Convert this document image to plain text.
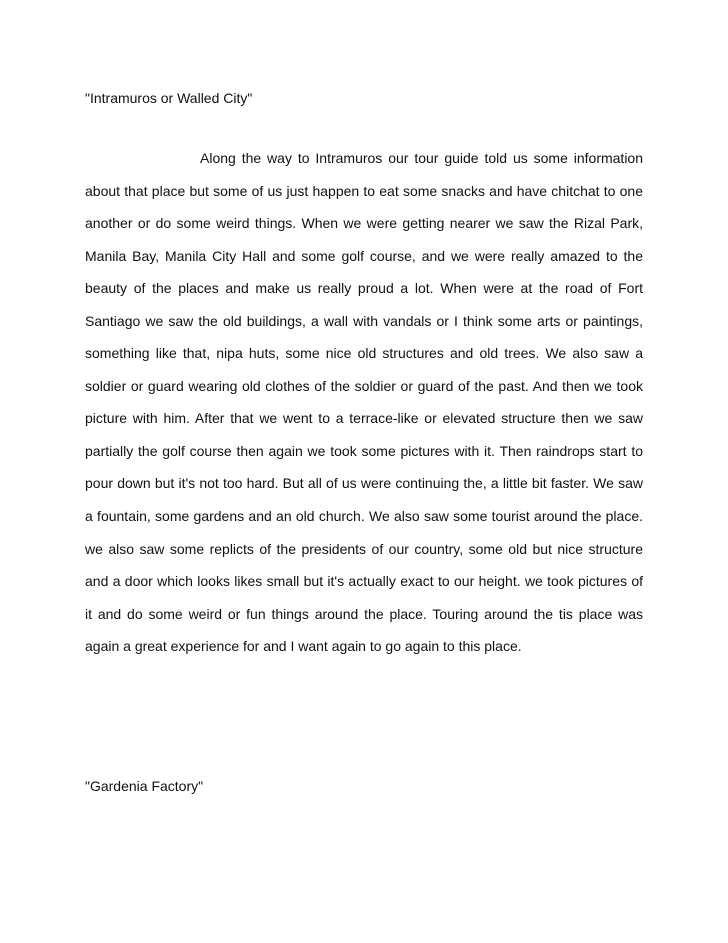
"Intramuros or Walled City"
Along the way to Intramuros our tour guide told us some information
about that place but some of us just happen to eat some snacks and have chitchat to one
another or do some weird things. When we were getting nearer we saw the Rizal Park,
Manila Bay, Manila City Hall and some golf course, and we were really amazed to the
beauty of the places and make us really proud a lot. When were at the road of Fort
Santiago we saw the old buildings, a wall with vandals or I think some arts or paintings,
something like that, nipa huts, some nice old structures and old trees. We also saw a
soldier or guard wearing old clothes of the soldier or guard of the past. And then we took
picture with him. After that we went to a terrace-like or elevated structure then we saw
partially the golf course then again we took some pictures with it. Then raindrops start to
pour down but it's not too hard. But all of us were continuing the, a little bit faster. We saw
a fountain, some gardens and an old church. We also saw some tourist around the place.
we also saw some replicts of the presidents of our country, some old but nice structure
and a door which looks likes small but it's actually exact to our height. we took pictures of
it and do some weird or fun things around the place. Touring around the tis place was
again a great experience for and I want again to go again to this place.
"Gardenia Factory"
